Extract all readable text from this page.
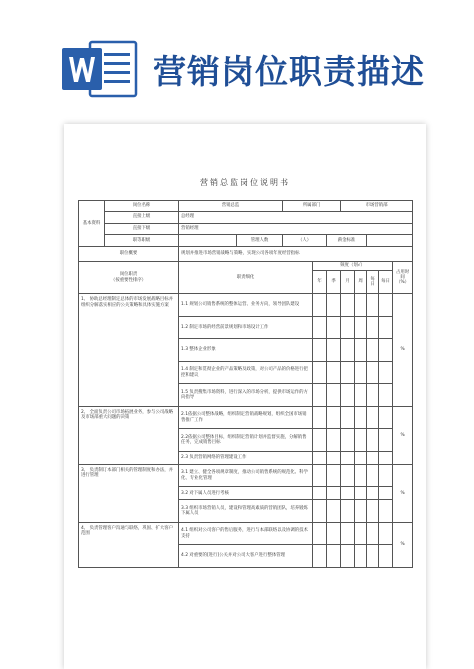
营销岗位职责描述
营销总监岗位说明书
基本资料	岗位名称	营销总监		所属部门			市场营销部				
	直接上级	总经理									
	直接下级	营销经理									
	职等职级		管理人数	（人）		薪金标准					
职位概要		规划并推进市场营销战略与策略，实现公司各项年度经营指标									

岗位职责
（按重要性排序）		职责细化			频度（划√）						占用时间（%）
					年	季	月	周	每日	每日	
1、 协助总经理制定总体的市场发展战略目标并组织分解落实相应的公关策略和具体实施方案		1.1 规划公司销售系统的整体运营、业务方向，领导团队建设									%
		1.2 制定市场的经营前景规划和市场设计工作									
		1.3 整体企业形象									
		1.4 制定和贯彻企业的产品策略及政策，对公司产品的价格进行把控和建议									
		1.5 负责搜集市场资料，进行深入的市场分析，提供市场运作的方向指导									
2、 全面负责公司市场拓展业务，参与公司战略及市场部重大问题的决策		2.1依据公司整体战略，组织制定营销战略规划，组织全国市场销售推广工作									%
		2.2依据公司整体目标，组织制定营销计划并监督实施，分解销售任务，完成销售目标									
		2.3 负责营销网络的管理建设工作									
3、 负责制订本部门相关的管理制度和办法，并进行管理		3.1 建立、健全各项规章制度，推动公司销售系统的规范化、科学化、专业化管理									%
		3.2 对下属人员进行考核									
		3.3 组织市场营销人员，建设和管理高素质的营销团队，培养锻炼下属人员									
4、 负责管理客户沟通与联络，巩固、扩大客户范围		4.1 组织对公司客户的售后服务，进行与本部联络以及协调的技术支持									%
		4.2 对重要的[进行]公关并对公司大客户进行整体管理									
